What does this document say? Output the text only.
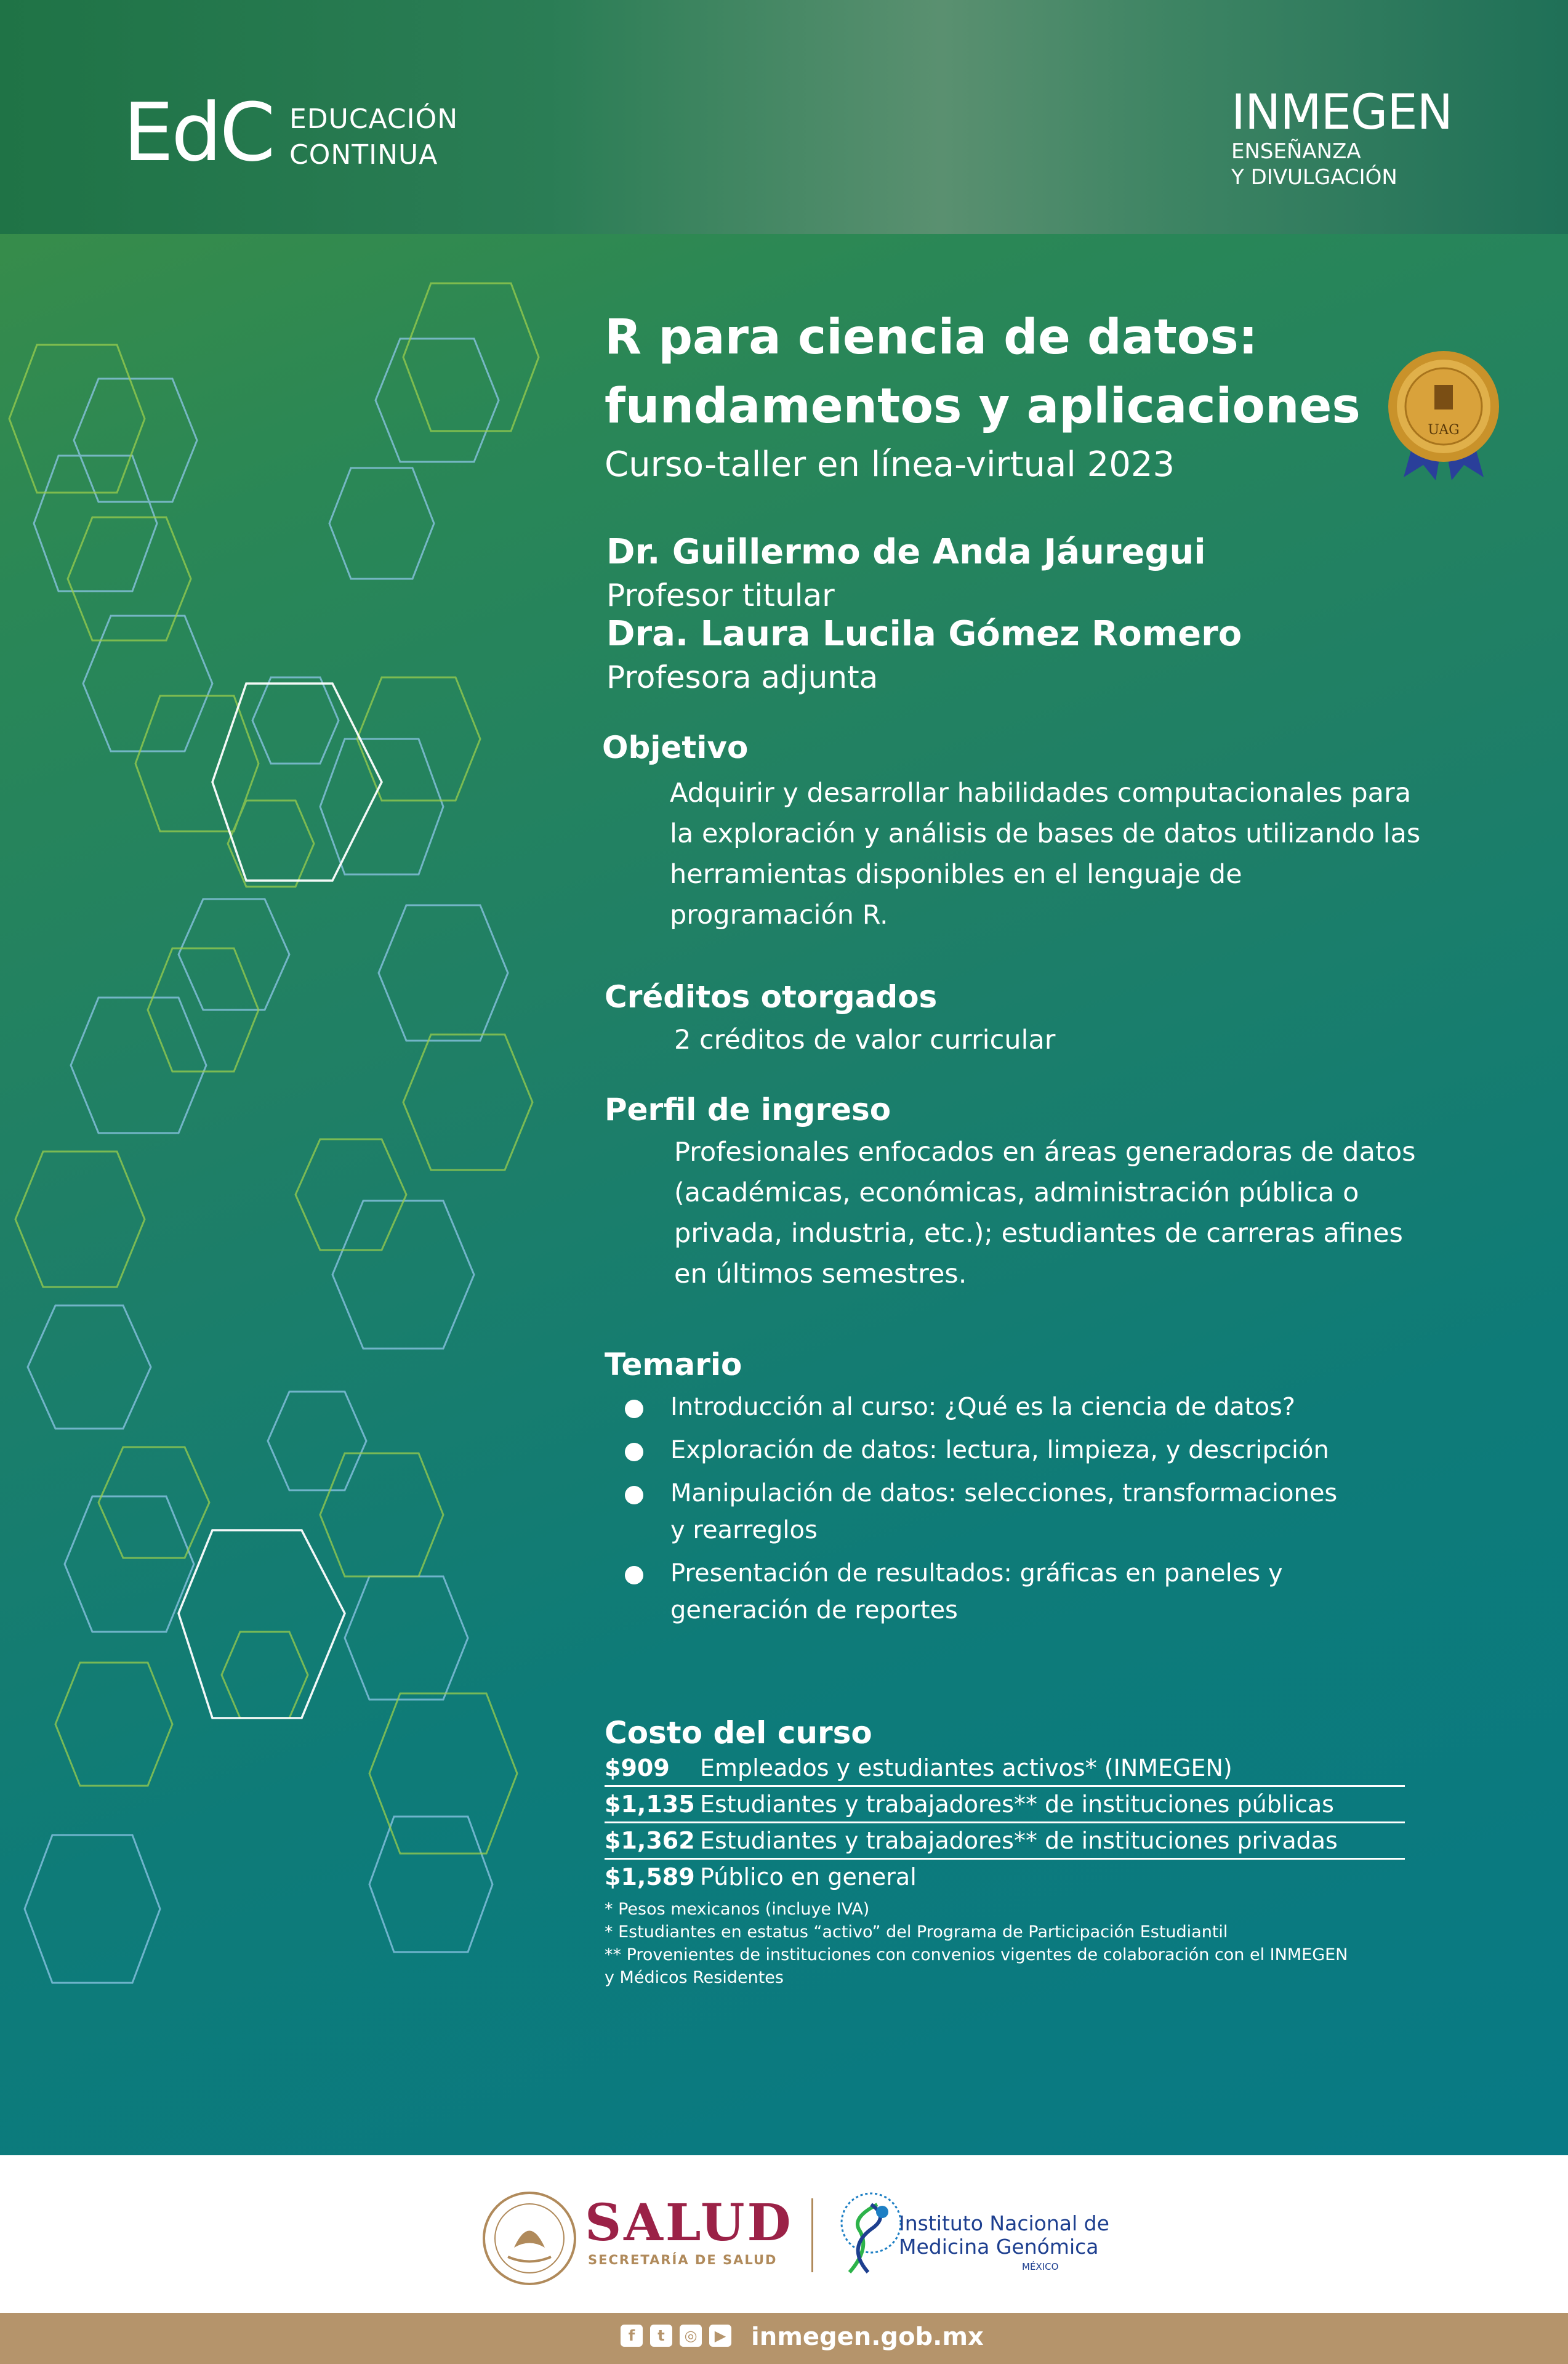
EdC EDUCACIÓN
CONTINUA
INMEGEN
ENSEÑANZA
Y DIVULGACIÓN
R para ciencia de datos:
fundamentos y aplicaciones
Curso-taller en línea-virtual 2023
UAG
Dr. Guillermo de Anda Jáuregui
Profesor titular
Dra. Laura Lucila Gómez Romero
Profesora adjunta
Objetivo
Adquirir y desarrollar habilidades computacionales para
la exploración y análisis de bases de datos utilizando las
herramientas disponibles en el lenguaje de
programación R.
Créditos otorgados
2 créditos de valor curricular
Perfil de ingreso
Profesionales enfocados en áreas generadoras de datos
(académicas, económicas, administración pública o
privada, industria, etc.); estudiantes de carreras afines
en últimos semestres.
Temario
Introducción al curso: ¿Qué es la ciencia de datos?
Exploración de datos: lectura, limpieza, y descripción
Manipulación de datos: selecciones, transformaciones
y rearreglos
Presentación de resultados: gráficas en paneles y
generación de reportes
Costo del curso
$909	Empleados y estudiantes activos* (INMEGEN)
$1,135 Estudiantes y trabajadores** de instituciones públicas
$1,362 Estudiantes y trabajadores** de instituciones privadas
$1,589 Público en general
* Pesos mexicanos (incluye IVA)
* Estudiantes en estatus “activo” del Programa de Participación Estudiantil
** Provenientes de instituciones con convenios vigentes de colaboración con el INMEGEN
y Médicos Residentes
SALUD
SECRETARÍA DE SALUD
Instituto Nacional de
Medicina Genómica
MÉXICO
f	t	◎	▶ inmegen.gob.mx
